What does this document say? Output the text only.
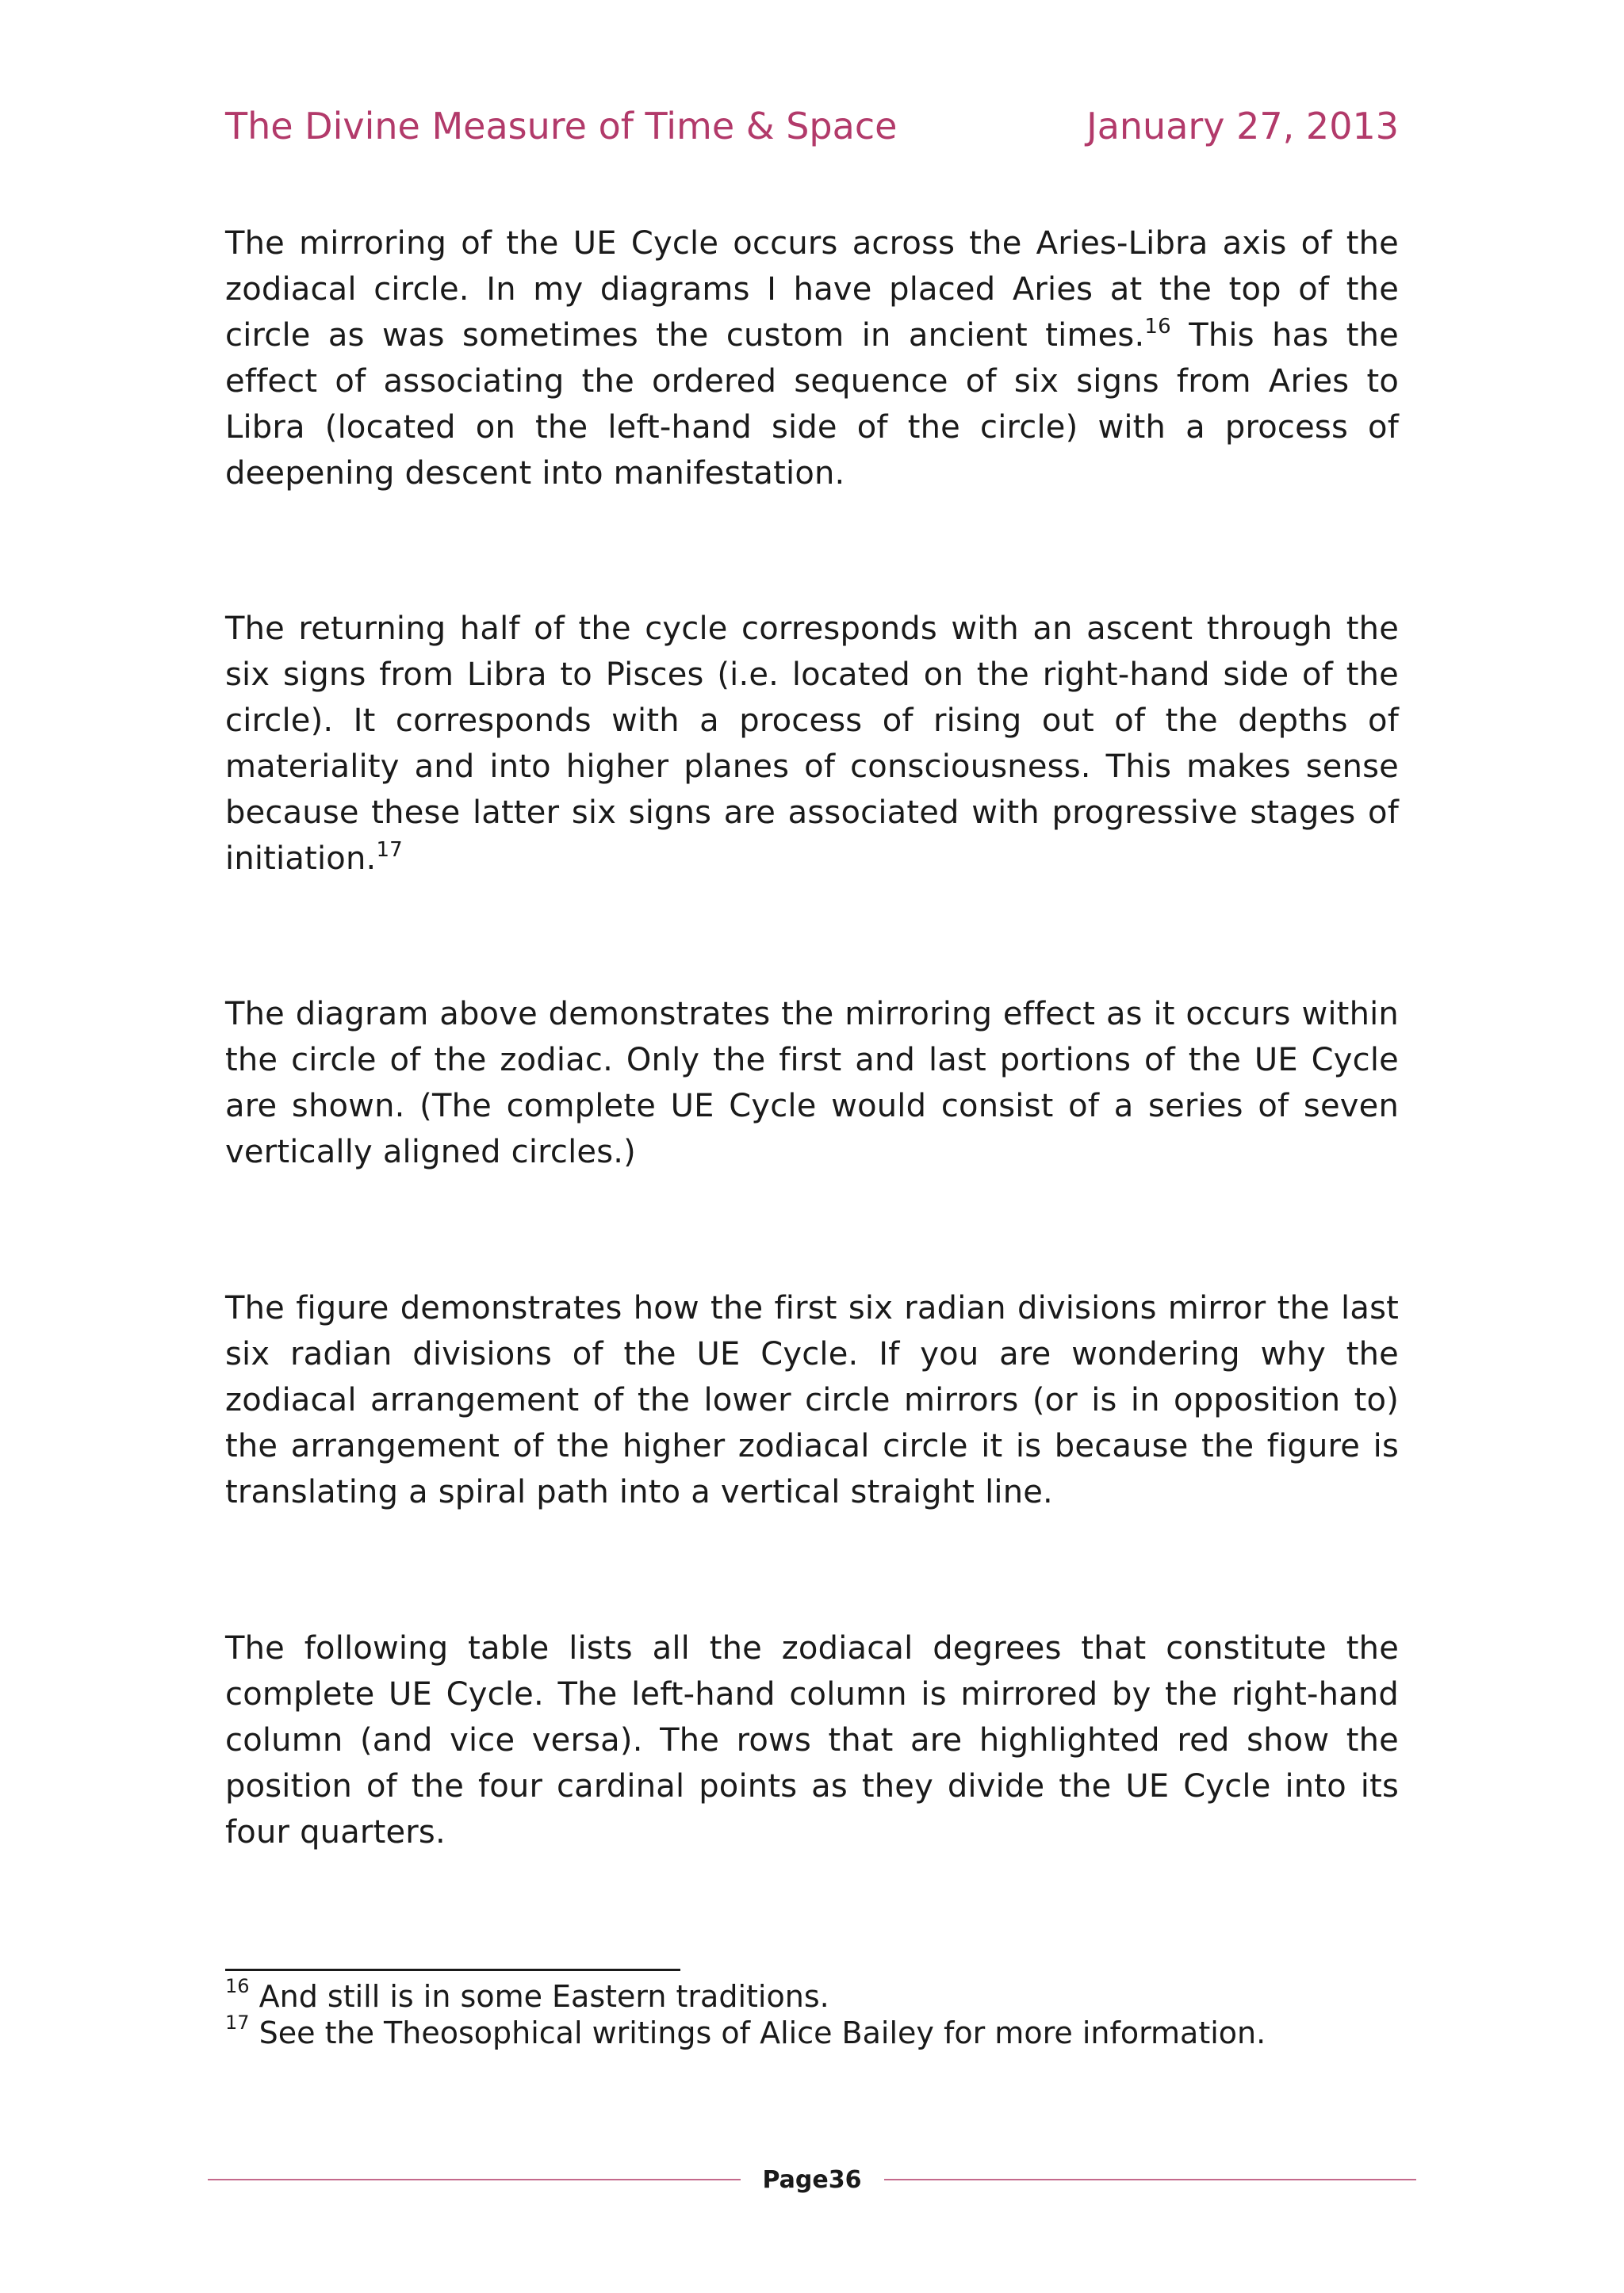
The Divine Measure of Time & Space	January 27, 2013

The mirroring of the UE Cycle occurs across the Aries-Libra axis of the zodiacal circle. In my diagrams I have placed Aries at the top of the circle as was sometimes the custom in ancient times.$^{16}$ This has the effect of associating the ordered sequence of six signs from Aries to Libra (located on the left-hand side of the circle) with a process of deepening descent into manifestation.

The returning half of the cycle corresponds with an ascent through the six signs from Libra to Pisces (i.e. located on the right-hand side of the circle). It corresponds with a process of rising out of the depths of materiality and into higher planes of consciousness. This makes sense because these latter six signs are associated with progressive stages of initiation.$^{17}$

The diagram above demonstrates the mirroring effect as it occurs within the circle of the zodiac. Only the first and last portions of the UE Cycle are shown. (The complete UE Cycle would consist of a series of seven vertically aligned circles.)

The figure demonstrates how the first six radian divisions mirror the last six radian divisions of the UE Cycle. If you are wondering why the zodiacal arrangement of the lower circle mirrors (or is in opposition to) the arrangement of the higher zodiacal circle it is because the figure is translating a spiral path into a vertical straight line.

The following table lists all the zodiacal degrees that constitute the complete UE Cycle. The left-hand column is mirrored by the right-hand column (and vice versa). The rows that are highlighted red show the position of the four cardinal points as they divide the UE Cycle into its four quarters.

$^{16}$ And still is in some Eastern traditions.

$^{17}$ See the Theosophical writings of Alice Bailey for more information.

Page36
